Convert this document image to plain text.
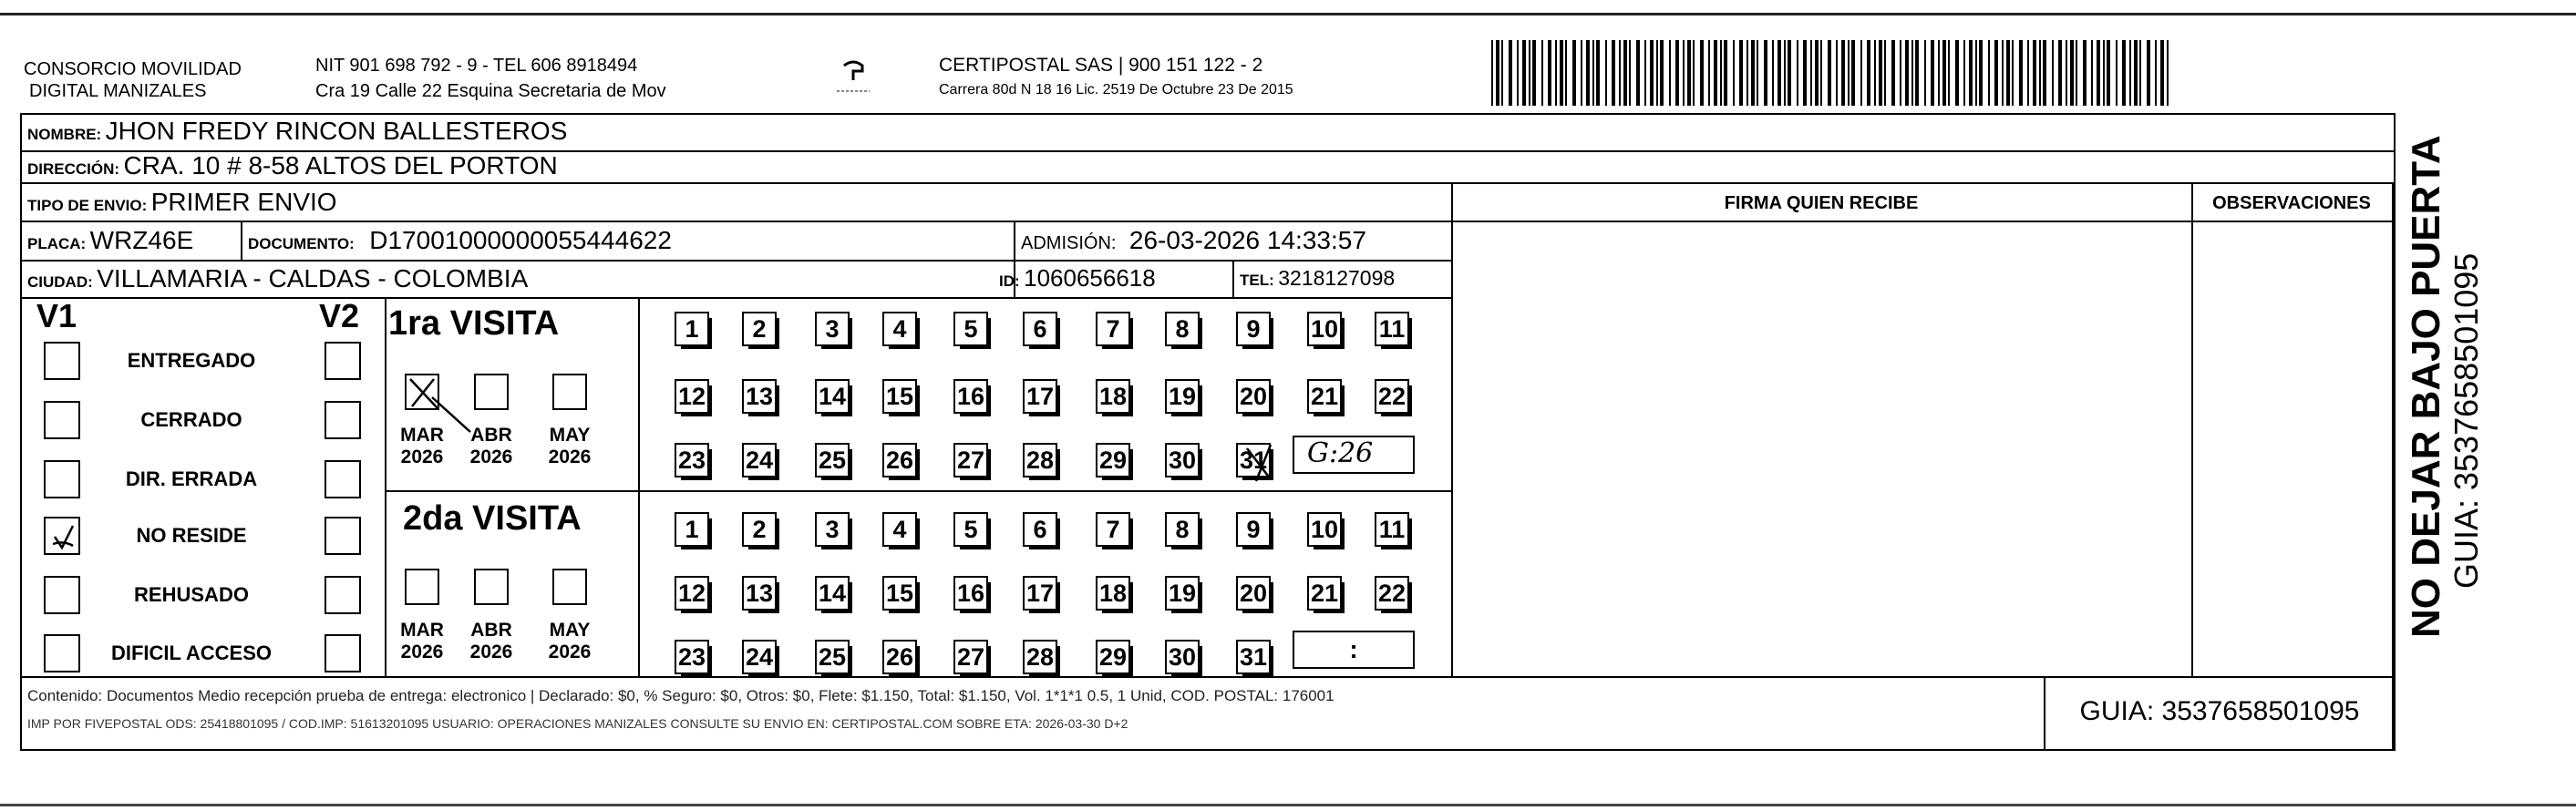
CONSORCIO MOVILIDAD
DIGITAL MANIZALES
NIT 901 698 792 - 9 - TEL 606 8918494
Cra 19 Calle 22 Esquina Secretaria de Mov
CERTIPOSTAL SAS | 900 151 122 - 2
Carrera 80d N 18 16 Lic. 2519 De Octubre 23 De 2015
NOMBRE: JHON FREDY RINCON BALLESTEROS
DIRECCIÓN: CRA. 10 # 8-58 ALTOS DEL PORTON
TIPO DE ENVIO: PRIMER ENVIO	FIRMA QUIEN RECIBE	OBSERVACIONES
PLACA: WRZ46E	DOCUMENTO: D17001000000055444622	ADMISIÓN: 26-03-2026 14:33:57
CIUDAD: VILLAMARIA - CALDAS - COLOMBIA	ID: 1060656618	TEL: 3218127098
V1	V2
ENTREGADO
CERRADO
DIR. ERRADA
NO RESIDE
REHUSADO
DIFICIL ACCESO
1ra VISITA
2da VISITA
MAR
2026
ABR
2026
MAY
2026
MAR
2026
ABR
2026
MAY
2026
1	2	3	4	5	6	7	8	9	10 11
12 13 14 15 16 17 18 19 20 21 22
23 24 25 26 27 28 29 30 31
1	2	3	4	5	6	7	8	9	10 11
12 13 14 15 16 17 18 19 20 21 22
23 24 25 26 27 28 29 30 31
G:26
:
Contenido: Documentos Medio recepción prueba de entrega: electronico | Declarado: $0, % Seguro: $0, Otros: $0, Flete: $1.150, Total: $1.150, Vol. 1*1*1 0.5, 1 Unid, COD. POSTAL: 176001
IMP POR FIVEPOSTAL ODS: 25418801095 / COD.IMP: 51613201095 USUARIO: OPERACIONES MANIZALES CONSULTE SU ENVIO EN: CERTIPOSTAL.COM SOBRE ETA: 2026-03-30 D+2	GUIA: 3537658501095
NO DEJAR BAJO PUERTA GUIA: 3537658501095
